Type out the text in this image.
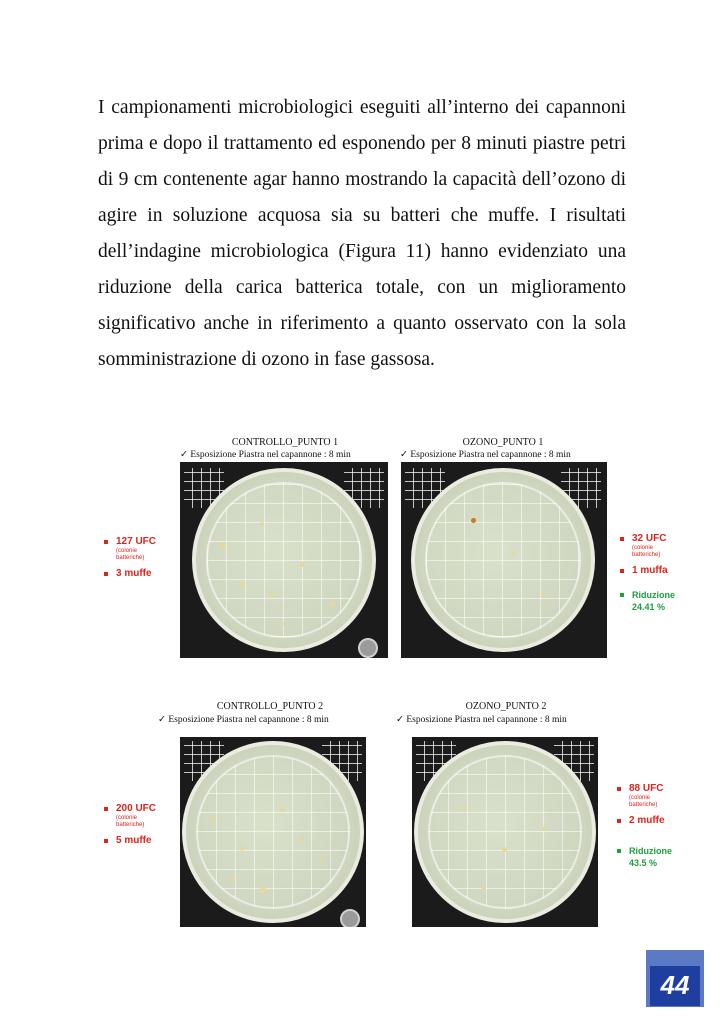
I campionamenti microbiologici eseguiti all’interno dei capannoni prima e dopo il trattamento ed esponendo per 8 minuti piastre petri di 9 cm contenente agar hanno mostrando la capacità dell’ozono di agire in soluzione acquosa sia su batteri che muffe. I risultati dell’indagine microbiologica (Figura 11) hanno evidenziato una riduzione della carica batterica totale, con un miglioramento significativo anche in riferimento a quanto osservato con la sola somministrazione di ozono in fase gassosa.

CONTROLLO_PUNTO 1
✓ Esposizione Piastra nel capannone : 8 min
127 UFC
(colonie
batteriche)
3 muffe
OZONO_PUNTO 1
✓ Esposizione Piastra nel capannone : 8 min
32 UFC
(colonie
batteriche)
1 muffa
Riduzione
24.41 %
CONTROLLO_PUNTO 2
✓ Esposizione Piastra nel capannone : 8 min
200 UFC
(colonie
batteriche)
5 muffe
OZONO_PUNTO 2
✓ Esposizione Piastra nel capannone : 8 min
88 UFC
(colonie
batteriche)
2 muffe
Riduzione
43.5 %
44
